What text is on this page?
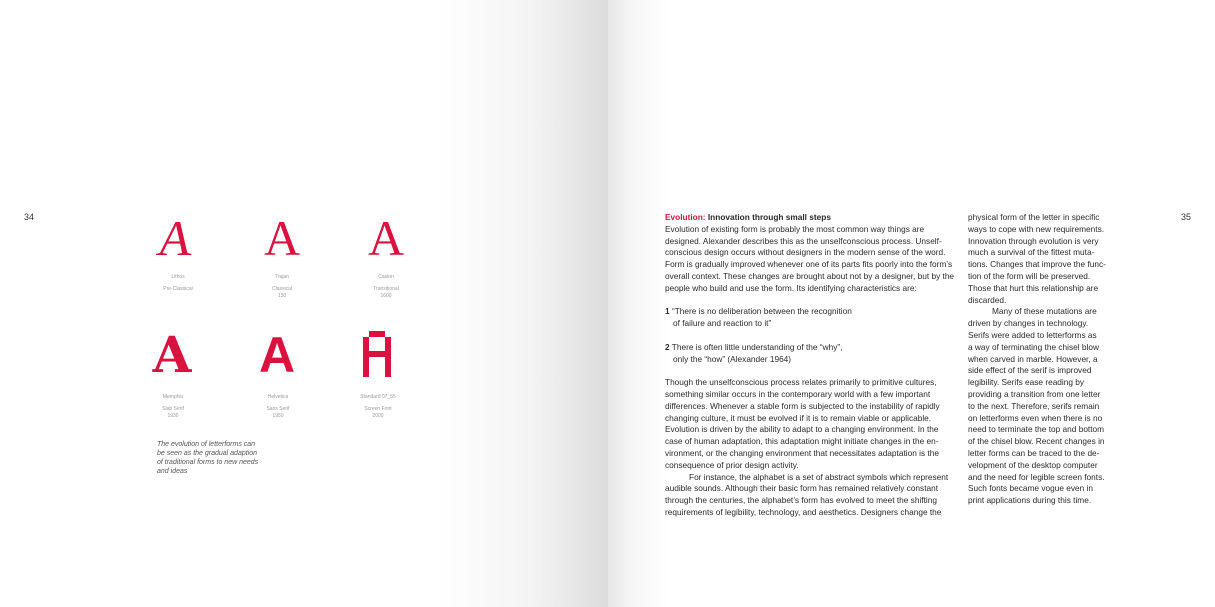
34 A A A
Lithos
Pre-Classical
Trajan
Classical
130
Caslon
Transitional
1600
A A
Memphis
Slab Serif
1930
Helvetica
Sans Serif
1950
Standard 07_55
Screen Font
2000
The evolution of letterforms can
be seen as the gradual adaption
of traditional forms to new needs
and ideas
35
Evolution: Innovation through small steps
Evolution of existing form is probably the most common way things are
designed. Alexander describes this as the unselfconscious process. Unself-
conscious design occurs without designers in the modern sense of the word.
Form is gradually improved whenever one of its parts fits poorly into the form’s
overall context. These changes are brought about not by a designer, but by the
people who build and use the form. Its identifying characteristics are:
1 “There is no deliberation between the recognition
of failure and reaction to it”
2 There is often little understanding of the “why”,
only the “how” (Alexander 1964)
Though the unselfconscious process relates primarily to primitive cultures,
something similar occurs in the contemporary world with a few important
differences. Whenever a stable form is subjected to the instability of rapidly
changing culture, it must be evolved if it is to remain viable or applicable.
Evolution is driven by the ability to adapt to a changing environment. In the
case of human adaptation, this adaptation might initiate changes in the en-
vironment, or the changing environment that necessitates adaptation is the
consequence of prior design activity.
For instance, the alphabet is a set of abstract symbols which represent
audible sounds. Although their basic form has remained relatively constant
through the centuries, the alphabet’s form has evolved to meet the shifting
requirements of legibility, technology, and aesthetics. Designers change the
physical form of the letter in specific
ways to cope with new requirements.
Innovation through evolution is very
much a survival of the fittest muta-
tions. Changes that improve the func-
tion of the form will be preserved.
Those that hurt this relationship are
discarded.
Many of these mutations are
driven by changes in technology.
Serifs were added to letterforms as
a way of terminating the chisel blow
when carved in marble. However, a
side effect of the serif is improved
legibility. Serifs ease reading by
providing a transition from one letter
to the next. Therefore, serifs remain
on letterforms even when there is no
need to terminate the top and bottom
of the chisel blow. Recent changes in
letter forms can be traced to the de-
velopment of the desktop computer
and the need for legible screen fonts.
Such fonts became vogue even in
print applications during this time.
